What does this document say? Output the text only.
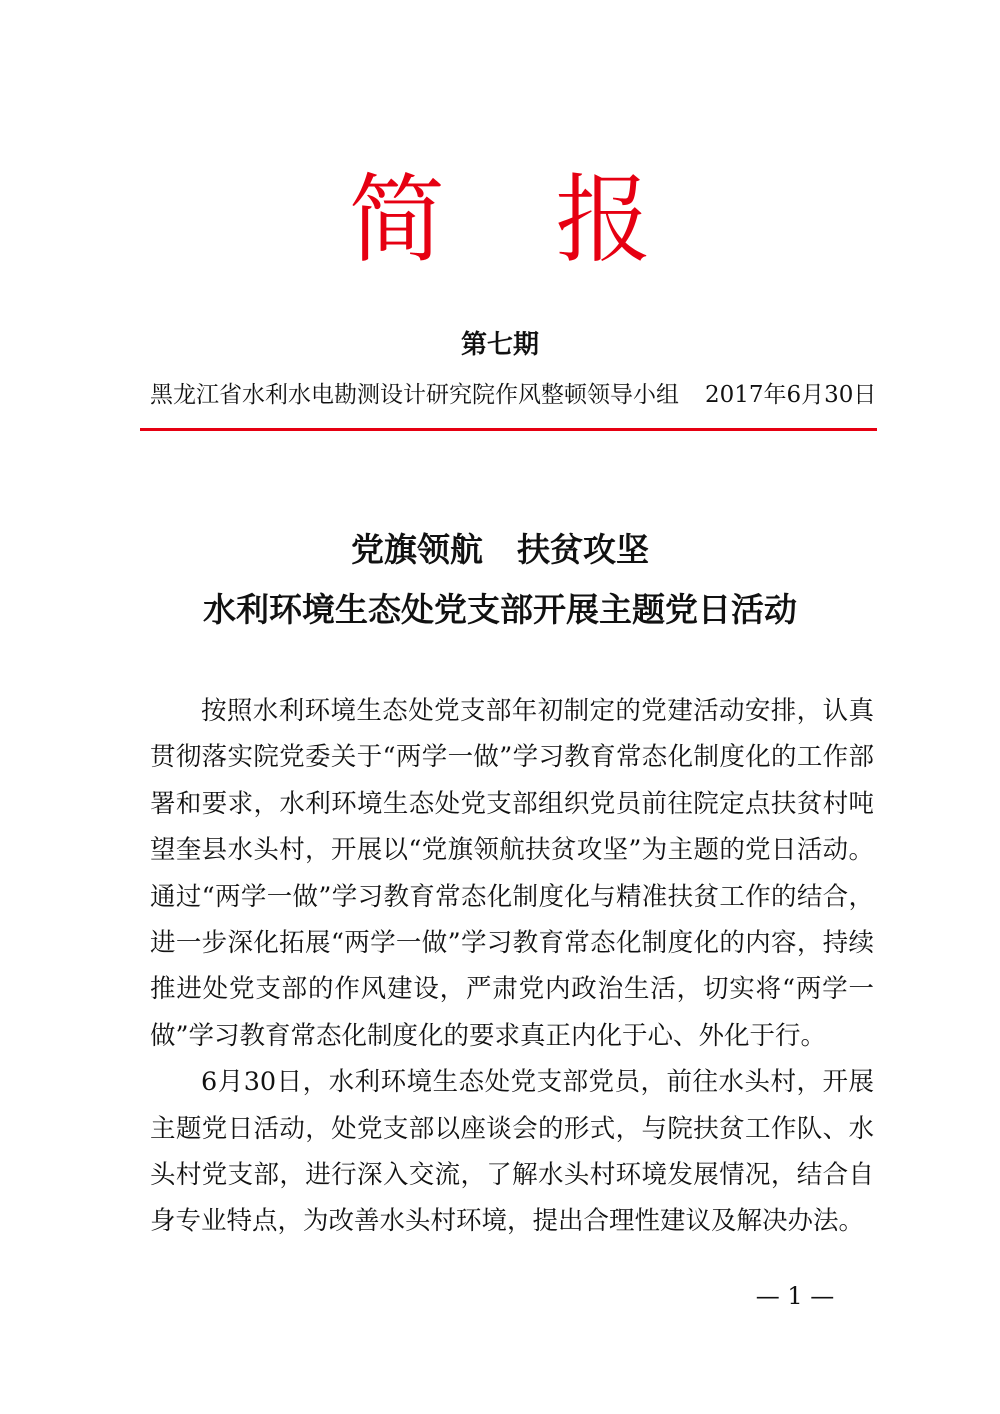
简 报
第七期
黑龙江省水利水电勘测设计研究院作风整顿领导小组 2017年6月30日
党旗领航 扶贫攻坚
水利环境生态处党支部开展主题党日活动

按照水利环境生态处党支部年初制定的党建活动安排，认真贯彻落实院党委关于“两学一做”学习教育常态化制度化的工作部署和要求，水利环境生态处党支部组织党员前往院定点扶贫村吨望奎县水头村，开展以“党旗领航扶贫攻坚”为主题的党日活动。通过“两学一做”学习教育常态化制度化与精准扶贫工作的结合，进一步深化拓展“两学一做”学习教育常态化制度化的内容，持续推进处党支部的作风建设，严肃党内政治生活，切实将“两学一做”学习教育常态化制度化的要求真正内化于心、外化于行。

6月30日，水利环境生态处党支部党员，前往水头村，开展主题党日活动，处党支部以座谈会的形式，与院扶贫工作队、水头村党支部，进行深入交流，了解水头村环境发展情况，结合自身专业特点，为改善水头村环境，提出合理性建议及解决办法。

— 1 —
